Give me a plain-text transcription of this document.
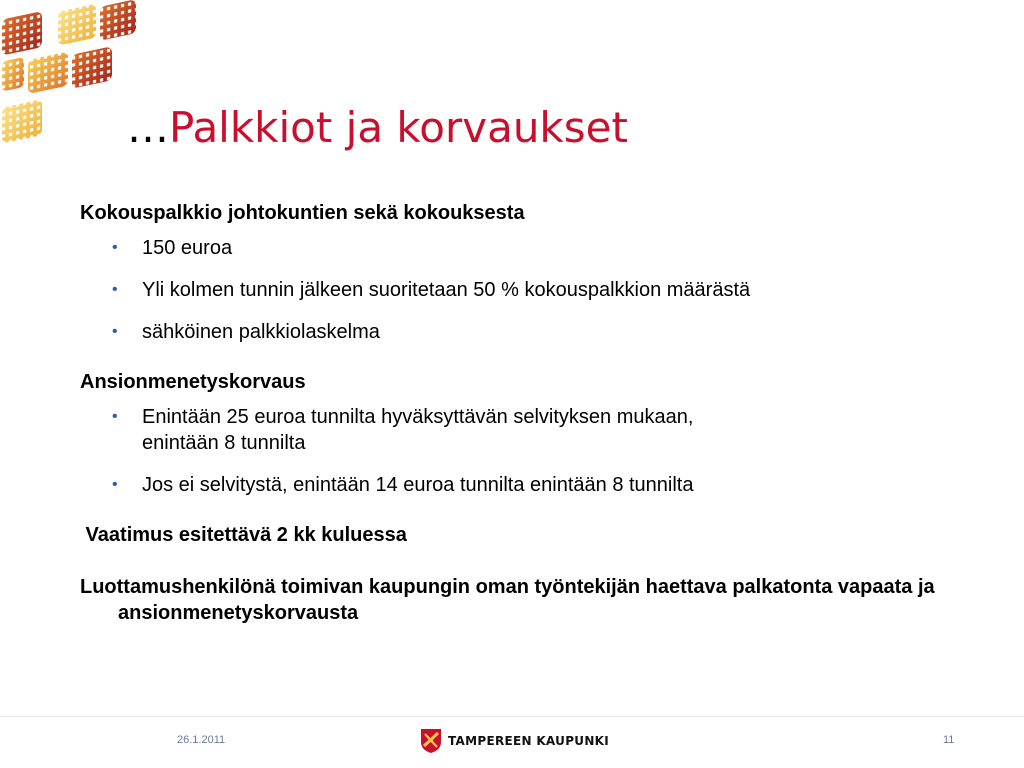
…Palkkiot ja korvaukset

Kokouspalkkio johtokuntien sekä kokouksesta

• 150 euroa
• Yli kolmen tunnin jälkeen suoritetaan 50 % kokouspalkkion määrästä
• sähköinen palkkiolaskelma

Ansionmenetyskorvaus

• Enintään 25 euroa tunnilta hyväksyttävän selvityksen mukaan,
enintään 8 tunnilta
• Jos ei selvitystä, enintään 14 euroa tunnilta enintään 8 tunnilta

Vaatimus esitettävä 2 kk kuluessa

Luottamushenkilönä toimivan kaupungin oman työntekijän haettava palkatonta vapaata ja ansionmenetyskorvausta

26.1.2011	TAMPEREEN KAUPUNKI	11
